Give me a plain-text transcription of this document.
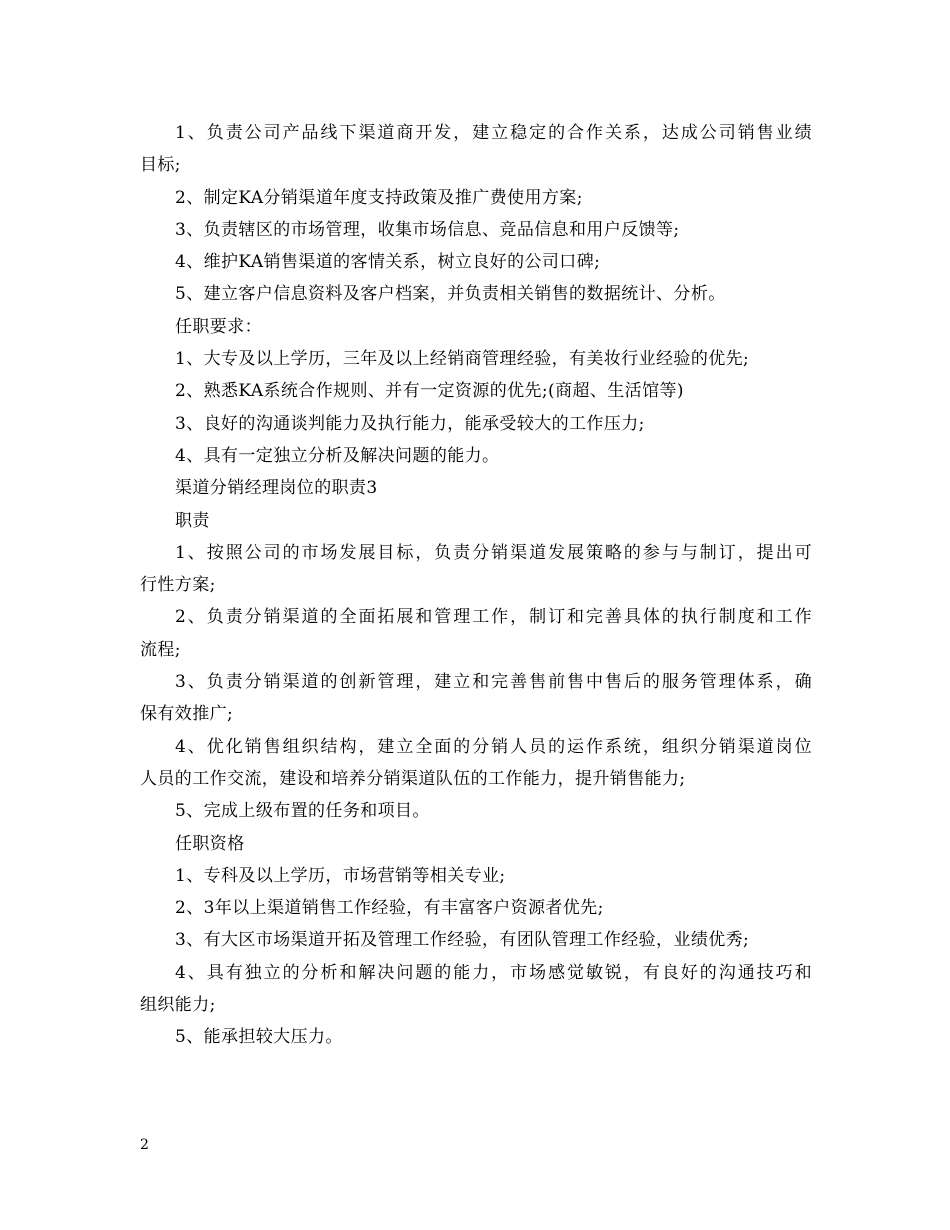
1、负责公司产品线下渠道商开发，建立稳定的合作关系，达成公司销售业绩
目标;
2、制定KA分销渠道年度支持政策及推广费使用方案;
3、负责辖区的市场管理，收集市场信息、竞品信息和用户反馈等;
4、维护KA销售渠道的客情关系，树立良好的公司口碑;
5、建立客户信息资料及客户档案，并负责相关销售的数据统计、分析。
任职要求：
1、大专及以上学历，三年及以上经销商管理经验，有美妆行业经验的优先;
2、熟悉KA系统合作规则、并有一定资源的优先;(商超、生活馆等)
3、良好的沟通谈判能力及执行能力，能承受较大的工作压力;
4、具有一定独立分析及解决问题的能力。
渠道分销经理岗位的职责3
职责
1、按照公司的市场发展目标，负责分销渠道发展策略的参与与制订，提出可
行性方案;
2、负责分销渠道的全面拓展和管理工作，制订和完善具体的执行制度和工作
流程;
3、负责分销渠道的创新管理，建立和完善售前售中售后的服务管理体系，确
保有效推广;
4、优化销售组织结构，建立全面的分销人员的运作系统，组织分销渠道岗位
人员的工作交流，建设和培养分销渠道队伍的工作能力，提升销售能力;
5、完成上级布置的任务和项目。
任职资格
1、专科及以上学历，市场营销等相关专业;
2、3年以上渠道销售工作经验，有丰富客户资源者优先;
3、有大区市场渠道开拓及管理工作经验，有团队管理工作经验，业绩优秀;
4、具有独立的分析和解决问题的能力，市场感觉敏锐，有良好的沟通技巧和
组织能力;
5、能承担较大压力。
2
